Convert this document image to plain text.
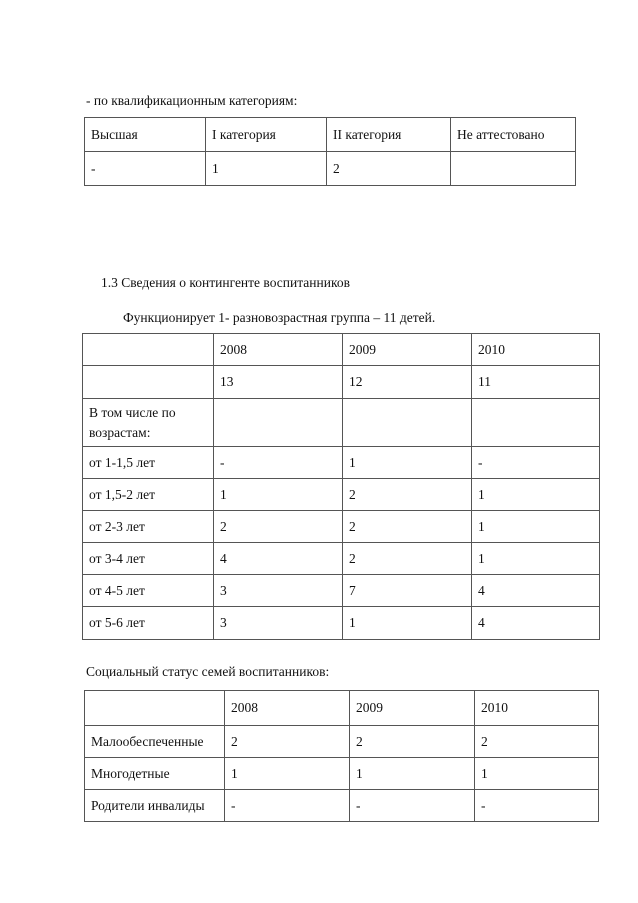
- по квалификационным категориям:
Высшая	I категория	II категория	Не аттестовано
-	1	2	
1.3 Сведения о контингенте воспитанников
Функционирует 1- разновозрастная группа – 11 детей.
	2008	2009	2010
	13	12	11
В том числе по
возрастам:			
от 1-1,5 лет	-	1	-
от 1,5-2 лет	1	2	1
от 2-3 лет	2	2	1
от 3-4 лет	4	2	1
от 4-5 лет	3	7	4
от 5-6 лет	3	1	4
Социальный статус семей воспитанников:
	2008	2009	2010
Малообеспеченные	2	2	2
Многодетные	1	1	1
Родители инвалиды	-	-	-
